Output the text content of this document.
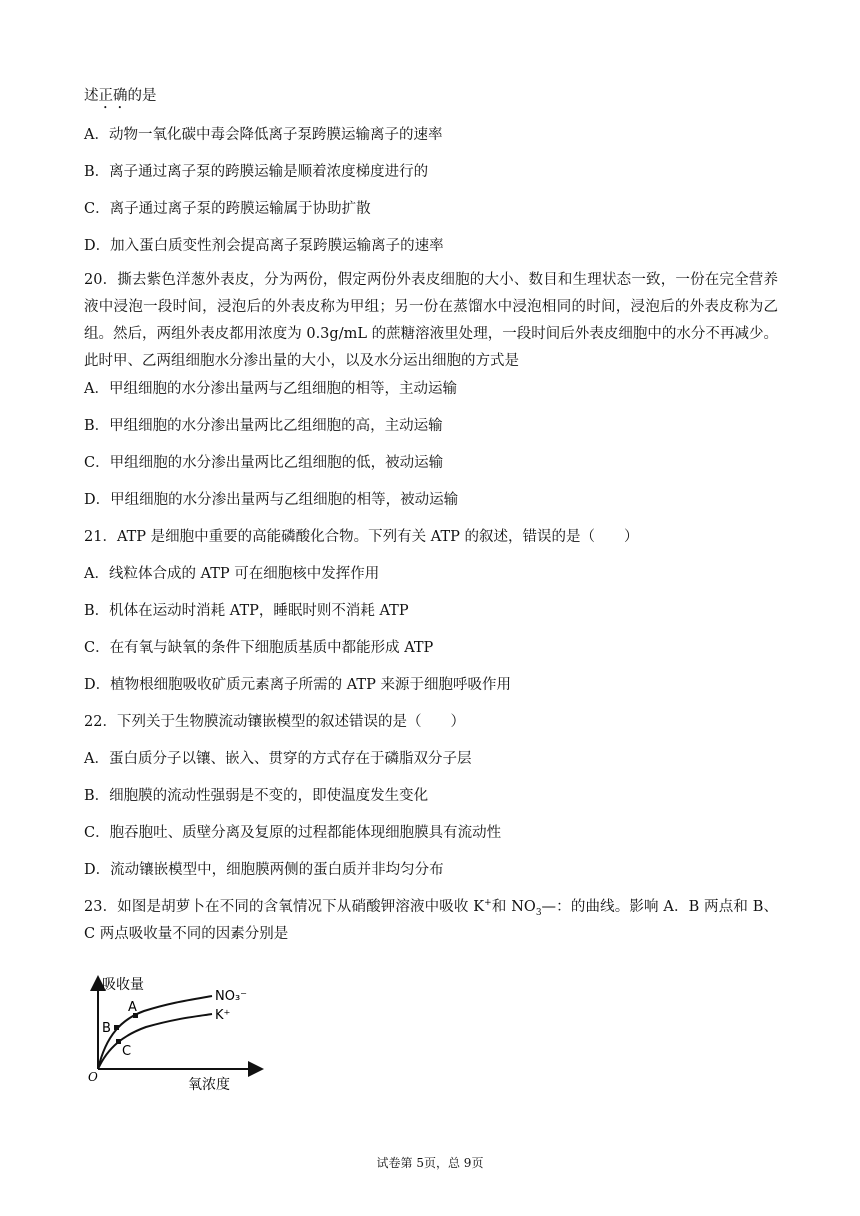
述正确的是
A．动物一氧化碳中毒会降低离子泵跨膜运输离子的速率
B．离子通过离子泵的跨膜运输是顺着浓度梯度进行的
C．离子通过离子泵的跨膜运输属于协助扩散
D．加入蛋白质变性剂会提高离子泵跨膜运输离子的速率
20．撕去紫色洋葱外表皮，分为两份，假定两份外表皮细胞的大小、数目和生理状态一致，一份在完全营养液中浸泡一段时间，浸泡后的外表皮称为甲组；另一份在蒸馏水中浸泡相同的时间，浸泡后的外表皮称为乙组。然后，两组外表皮都用浓度为 0.3g/mL 的蔗糖溶液里处理，一段时间后外表皮细胞中的水分不再减少。此时甲、乙两组细胞水分渗出量的大小，以及水分运出细胞的方式是
A．甲组细胞的水分渗出量两与乙组细胞的相等，主动运输
B．甲组细胞的水分渗出量两比乙组细胞的高，主动运输
C．甲组细胞的水分渗出量两比乙组细胞的低，被动运输
D．甲组细胞的水分渗出量两与乙组细胞的相等，被动运输
21．ATP 是细胞中重要的高能磷酸化合物。下列有关 ATP 的叙述，错误的是（　　）
A．线粒体合成的 ATP 可在细胞核中发挥作用
B．机体在运动时消耗 ATP，睡眠时则不消耗 ATP
C．在有氧与缺氧的条件下细胞质基质中都能形成 ATP
D．植物根细胞吸收矿质元素离子所需的 ATP 来源于细胞呼吸作用
22．下列关于生物膜流动镶嵌模型的叙述错误的是（　　）
A．蛋白质分子以镶、嵌入、贯穿的方式存在于磷脂双分子层
B．细胞膜的流动性强弱是不变的，即使温度发生变化
C．胞吞胞吐、质壁分离及复原的过程都能体现细胞膜具有流动性
D．流动镶嵌模型中，细胞膜两侧的蛋白质并非均匀分布
23．如图是胡萝卜在不同的含氧情况下从硝酸钾溶液中吸收 K+和 $NO_3—$：的曲线。影响 A．B 两点和 B、C 两点吸收量不同的因素分别是
吸收量
氧浓度
O
NO₃⁻
K⁺
A
B
C
试卷第 5页，总 9页
